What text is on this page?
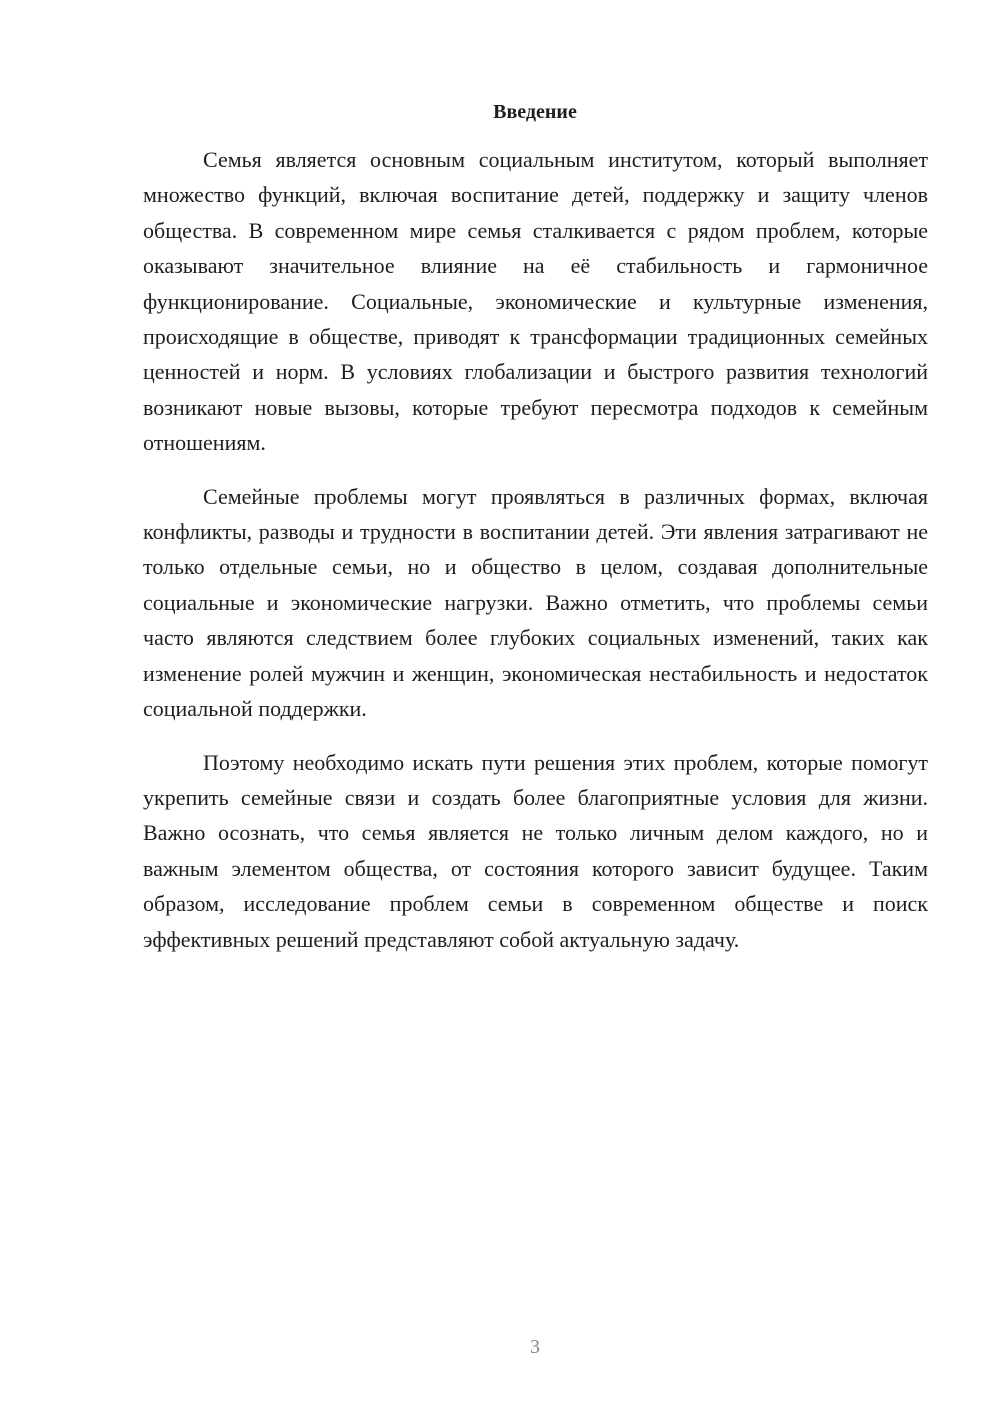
Введение

Семья является основным социальным институтом, который выполняет множество функций, включая воспитание детей, поддержку и защиту членов общества. В современном мире семья сталкивается с рядом проблем, которые оказывают значительное влияние на её стабильность и гармоничное функционирование. Социальные, экономические и культурные изменения, происходящие в обществе, приводят к трансформации традиционных семейных ценностей и норм. В условиях глобализации и быстрого развития технологий возникают новые вызовы, которые требуют пересмотра подходов к семейным отношениям.

Семейные проблемы могут проявляться в различных формах, включая конфликты, разводы и трудности в воспитании детей. Эти явления затрагивают не только отдельные семьи, но и общество в целом, создавая дополнительные социальные и экономические нагрузки. Важно отметить, что проблемы семьи часто являются следствием более глубоких социальных изменений, таких как изменение ролей мужчин и женщин, экономическая нестабильность и недостаток социальной поддержки.

Поэтому необходимо искать пути решения этих проблем, которые помогут укрепить семейные связи и создать более благоприятные условия для жизни. Важно осознать, что семья является не только личным делом каждого, но и важным элементом общества, от состояния которого зависит будущее. Таким образом, исследование проблем семьи в современном обществе и поиск эффективных решений представляют собой актуальную задачу.

3
